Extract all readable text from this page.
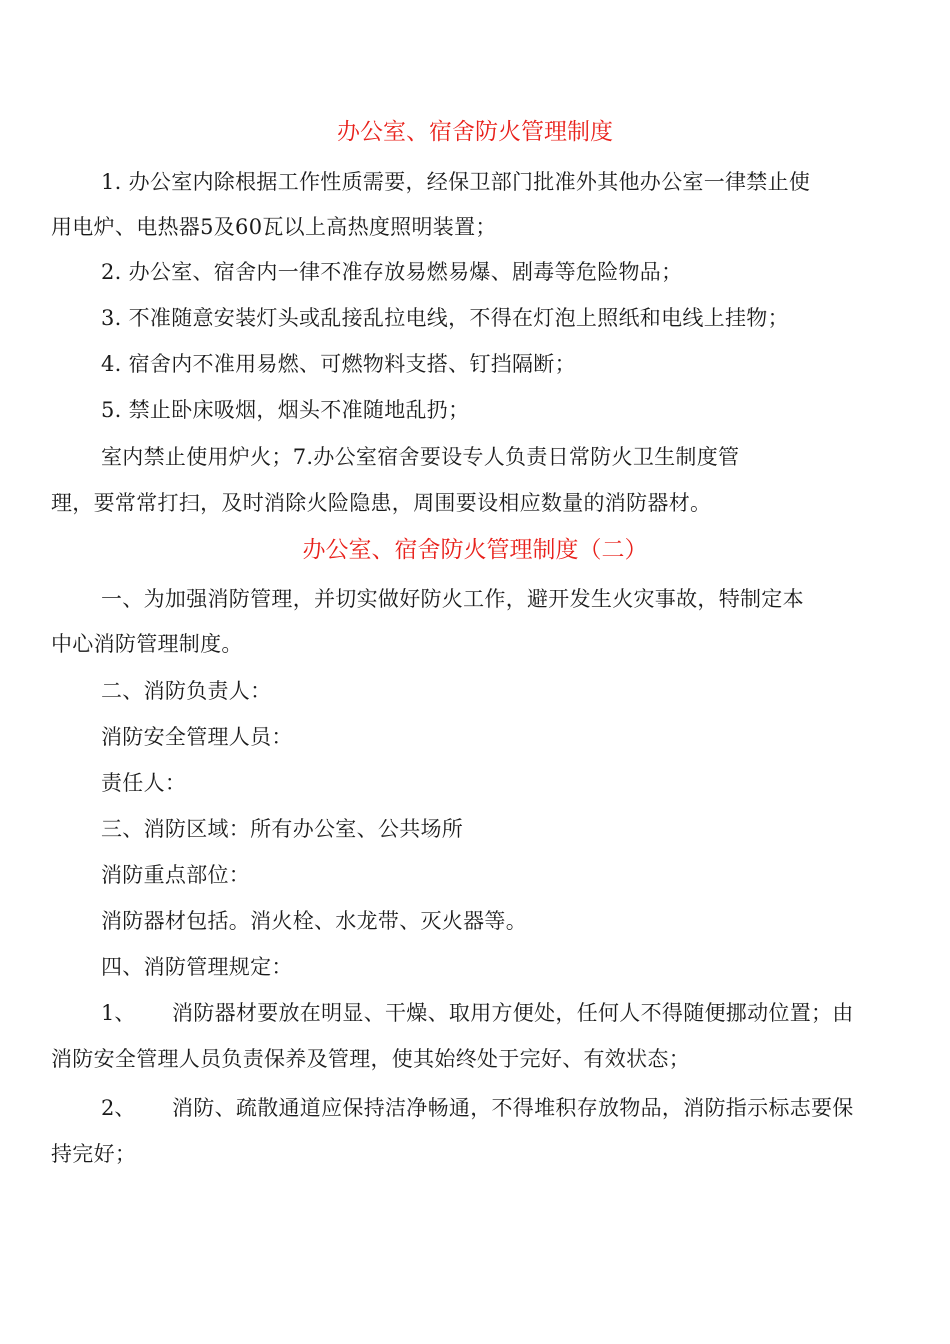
办公室、宿舍防火管理制度
1. 办公室内除根据工作性质需要，经保卫部门批准外其他办公室一律禁止使
用电炉、电热器5及60瓦以上高热度照明装置；
2. 办公室、宿舍内一律不准存放易燃易爆、剧毒等危险物品；
3. 不准随意安装灯头或乱接乱拉电线，不得在灯泡上照纸和电线上挂物；
4. 宿舍内不准用易燃、可燃物料支搭、钉挡隔断；
5. 禁止卧床吸烟，烟头不准随地乱扔；
室内禁止使用炉火；7.办公室宿舍要设专人负责日常防火卫生制度管
理，要常常打扫，及时消除火险隐患，周围要设相应数量的消防器材。
办公室、宿舍防火管理制度（二）
一、为加强消防管理，并切实做好防火工作，避开发生火灾事故，特制定本
中心消防管理制度。
二、消防负责人：
消防安全管理人员：
责任人：
三、消防区域：所有办公室、公共场所
消防重点部位：
消防器材包括。消火栓、水龙带、灭火器等。
四、消防管理规定：
1、 消防器材要放在明显、干燥、取用方便处，任何人不得随便挪动位置；由
消防安全管理人员负责保养及管理，使其始终处于完好、有效状态；
2、 消防、疏散通道应保持洁净畅通，不得堆积存放物品，消防指示标志要保
持完好；
